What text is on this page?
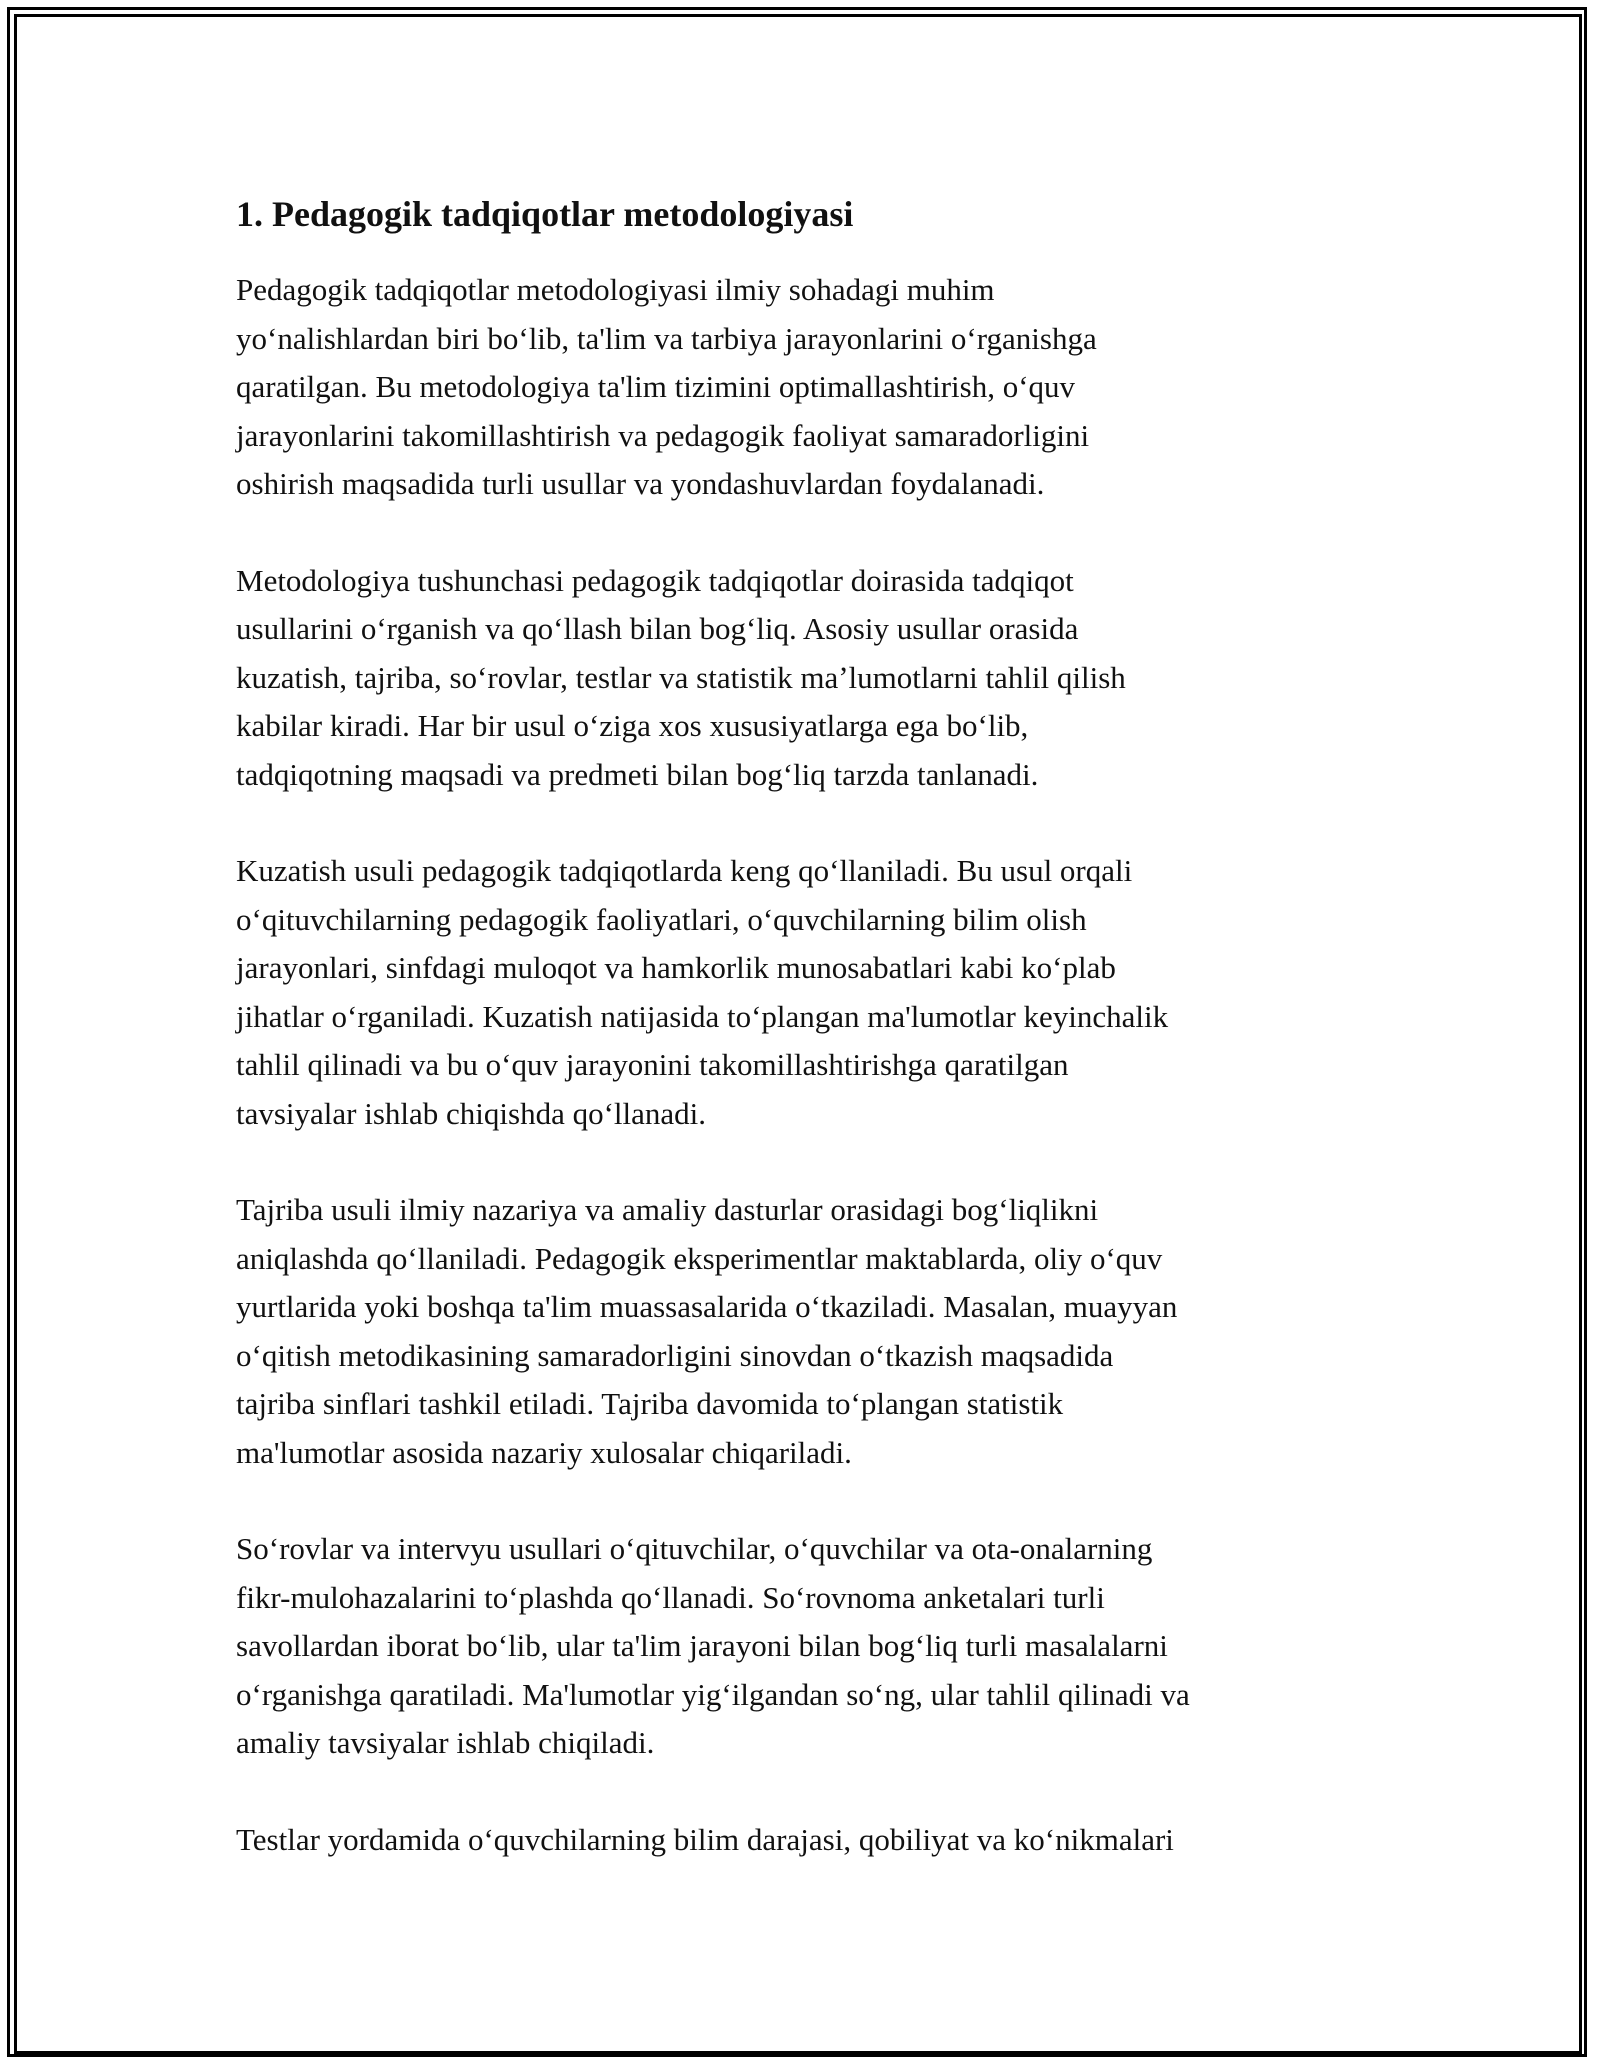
1. Pedagogik tadqiqotlar metodologiyasi

Pedagogik tadqiqotlar metodologiyasi ilmiy sohadagi muhim
yoʻnalishlardan biri boʻlib, ta'lim va tarbiya jarayonlarini oʻrganishga
qaratilgan. Bu metodologiya ta'lim tizimini optimallashtirish, oʻquv
jarayonlarini takomillashtirish va pedagogik faoliyat samaradorligini
oshirish maqsadida turli usullar va yondashuvlardan foydalanadi.

Metodologiya tushunchasi pedagogik tadqiqotlar doirasida tadqiqot
usullarini oʻrganish va qoʻllash bilan bogʻliq. Asosiy usullar orasida
kuzatish, tajriba, soʻrovlar, testlar va statistik maʼlumotlarni tahlil qilish
kabilar kiradi. Har bir usul oʻziga xos xususiyatlarga ega boʻlib,
tadqiqotning maqsadi va predmeti bilan bogʻliq tarzda tanlanadi.

Kuzatish usuli pedagogik tadqiqotlarda keng qoʻllaniladi. Bu usul orqali
oʻqituvchilarning pedagogik faoliyatlari, oʻquvchilarning bilim olish
jarayonlari, sinfdagi muloqot va hamkorlik munosabatlari kabi koʻplab
jihatlar oʻrganiladi. Kuzatish natijasida toʻplangan ma'lumotlar keyinchalik
tahlil qilinadi va bu oʻquv jarayonini takomillashtirishga qaratilgan
tavsiyalar ishlab chiqishda qoʻllanadi.

Tajriba usuli ilmiy nazariya va amaliy dasturlar orasidagi bogʻliqlikni
aniqlashda qoʻllaniladi. Pedagogik eksperimentlar maktablarda, oliy oʻquv
yurtlarida yoki boshqa ta'lim muassasalarida oʻtkaziladi. Masalan, muayyan
oʻqitish metodikasining samaradorligini sinovdan oʻtkazish maqsadida
tajriba sinflari tashkil etiladi. Tajriba davomida toʻplangan statistik
ma'lumotlar asosida nazariy xulosalar chiqariladi.

Soʻrovlar va intervyu usullari oʻqituvchilar, oʻquvchilar va ota-onalarning
fikr-mulohazalarini toʻplashda qoʻllanadi. Soʻrovnoma anketalari turli
savollardan iborat boʻlib, ular ta'lim jarayoni bilan bogʻliq turli masalalarni
oʻrganishga qaratiladi. Ma'lumotlar yigʻilgandan soʻng, ular tahlil qilinadi va
amaliy tavsiyalar ishlab chiqiladi.

Testlar yordamida oʻquvchilarning bilim darajasi, qobiliyat va koʻnikmalari
